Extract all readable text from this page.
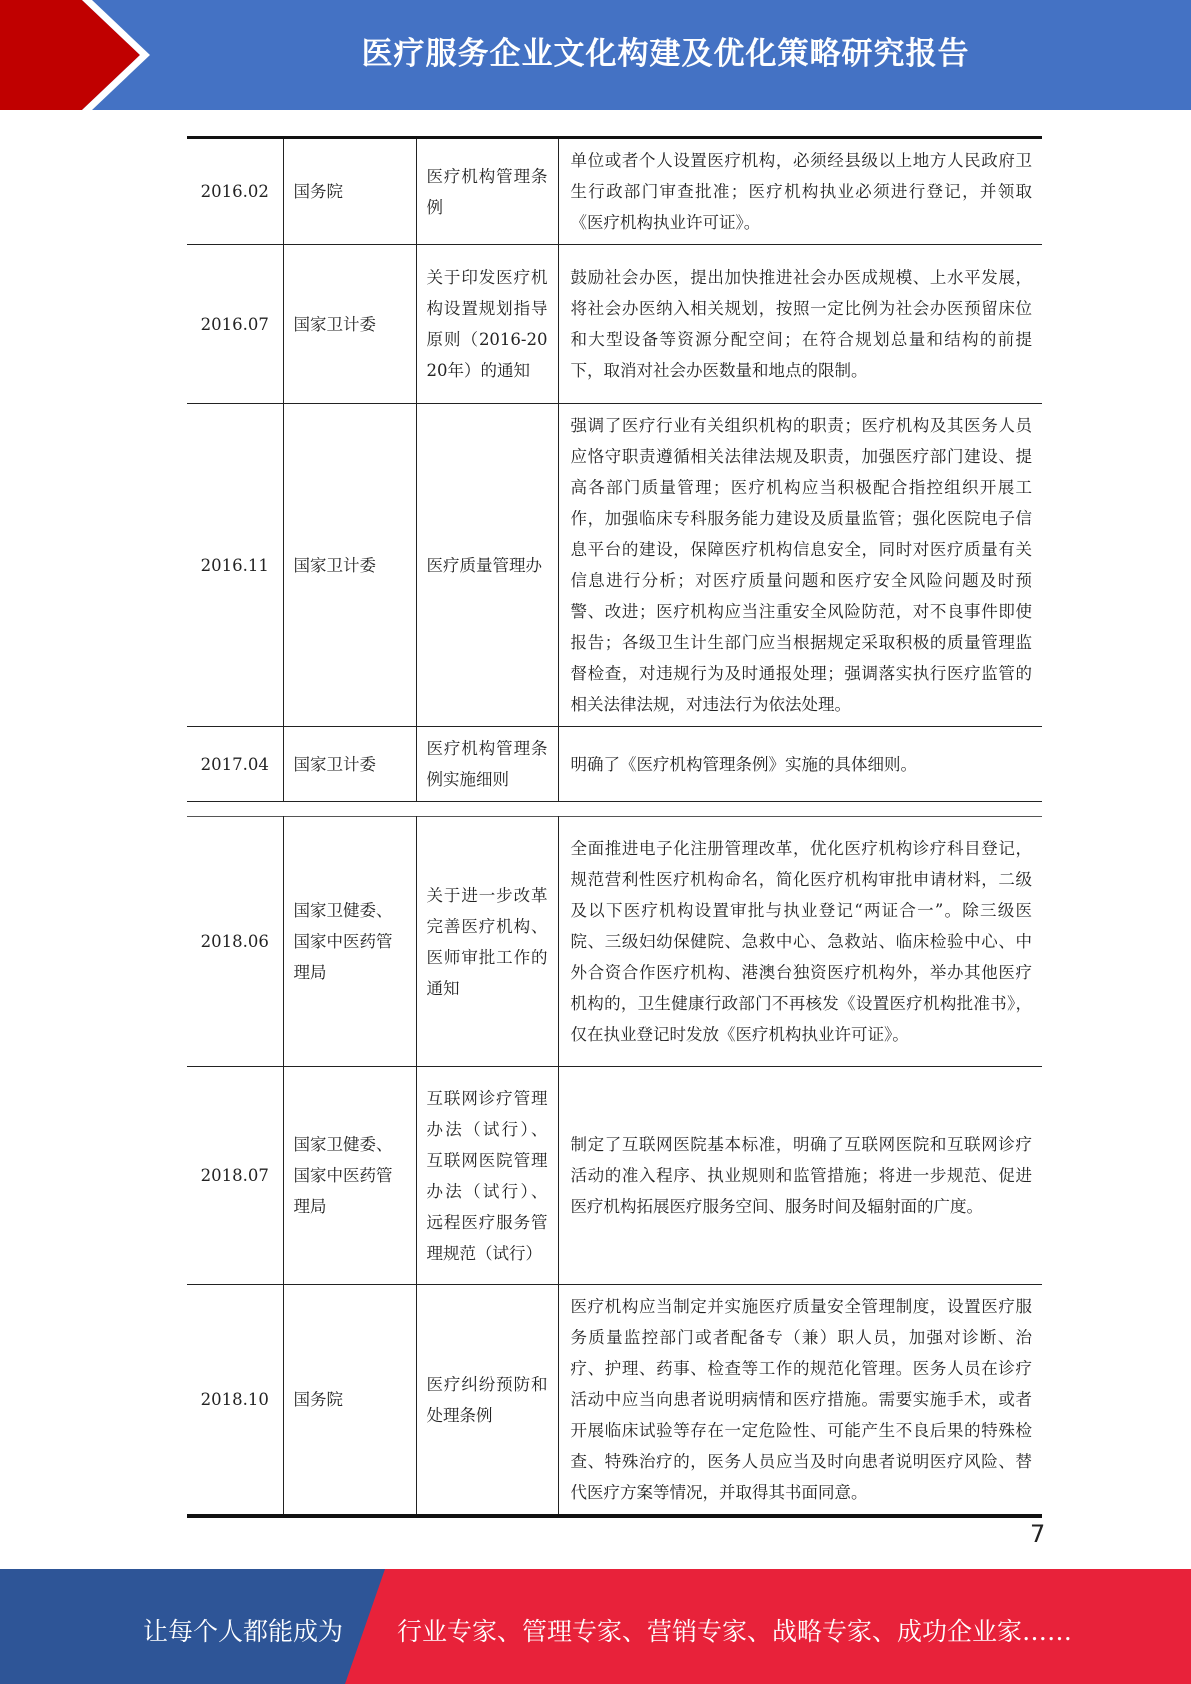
医疗服务企业文化构建及优化策略研究报告
2016.02	国务院	医疗机构管理条例	单位或者个人设置医疗机构，必须经县级以上地方人民政府卫生行政部门审查批准；医疗机构执业必须进行登记，并领取《医疗机构执业许可证》。
2016.07	国家卫计委	关于印发医疗机构设置规划指导原则（2016-2020年）的通知	鼓励社会办医，提出加快推进社会办医成规模、上水平发展，将社会办医纳入相关规划，按照一定比例为社会办医预留床位和大型设备等资源分配空间；在符合规划总量和结构的前提下，取消对社会办医数量和地点的限制。
2016.11	国家卫计委	医疗质量管理办	强调了医疗行业有关组织机构的职责；医疗机构及其医务人员应恪守职责遵循相关法律法规及职责，加强医疗部门建设、提高各部门质量管理；医疗机构应当积极配合指控组织开展工作，加强临床专科服务能力建设及质量监管；强化医院电子信息平台的建设，保障医疗机构信息安全，同时对医疗质量有关信息进行分析；对医疗质量问题和医疗安全风险问题及时预警、改进；医疗机构应当注重安全风险防范，对不良事件即使报告；各级卫生计生部门应当根据规定采取积极的质量管理监督检查，对违规行为及时通报处理；强调落实执行医疗监管的相关法律法规，对违法行为依法处理。
2017.04	国家卫计委	医疗机构管理条例实施细则	明确了《医疗机构管理条例》实施的具体细则。
2018.06	国家卫健委、国家中医药管理局	关于进一步改革完善医疗机构、医师审批工作的通知	全面推进电子化注册管理改革，优化医疗机构诊疗科目登记，规范营利性医疗机构命名，简化医疗机构审批申请材料，二级及以下医疗机构设置审批与执业登记“两证合一”。除三级医院、三级妇幼保健院、急救中心、急救站、临床检验中心、中外合资合作医疗机构、港澳台独资医疗机构外，举办其他医疗机构的，卫生健康行政部门不再核发《设置医疗机构批准书》，仅在执业登记时发放《医疗机构执业许可证》。
2018.07	国家卫健委、国家中医药管理局	互联网诊疗管理办法（试行）、互联网医院管理办法（试行）、远程医疗服务管理规范（试行）	制定了互联网医院基本标准，明确了互联网医院和互联网诊疗活动的准入程序、执业规则和监管措施；将进一步规范、促进医疗机构拓展医疗服务空间、服务时间及辐射面的广度。
2018.10	国务院	医疗纠纷预防和处理条例	医疗机构应当制定并实施医疗质量安全管理制度，设置医疗服务质量监控部门或者配备专（兼）职人员，加强对诊断、治疗、护理、药事、检查等工作的规范化管理。医务人员在诊疗活动中应当向患者说明病情和医疗措施。需要实施手术，或者开展临床试验等存在一定危险性、可能产生不良后果的特殊检查、特殊治疗的，医务人员应当及时向患者说明医疗风险、替代医疗方案等情况，并取得其书面同意。
7
让每个人都能成为 行业专家、管理专家、营销专家、战略专家、成功企业家……
